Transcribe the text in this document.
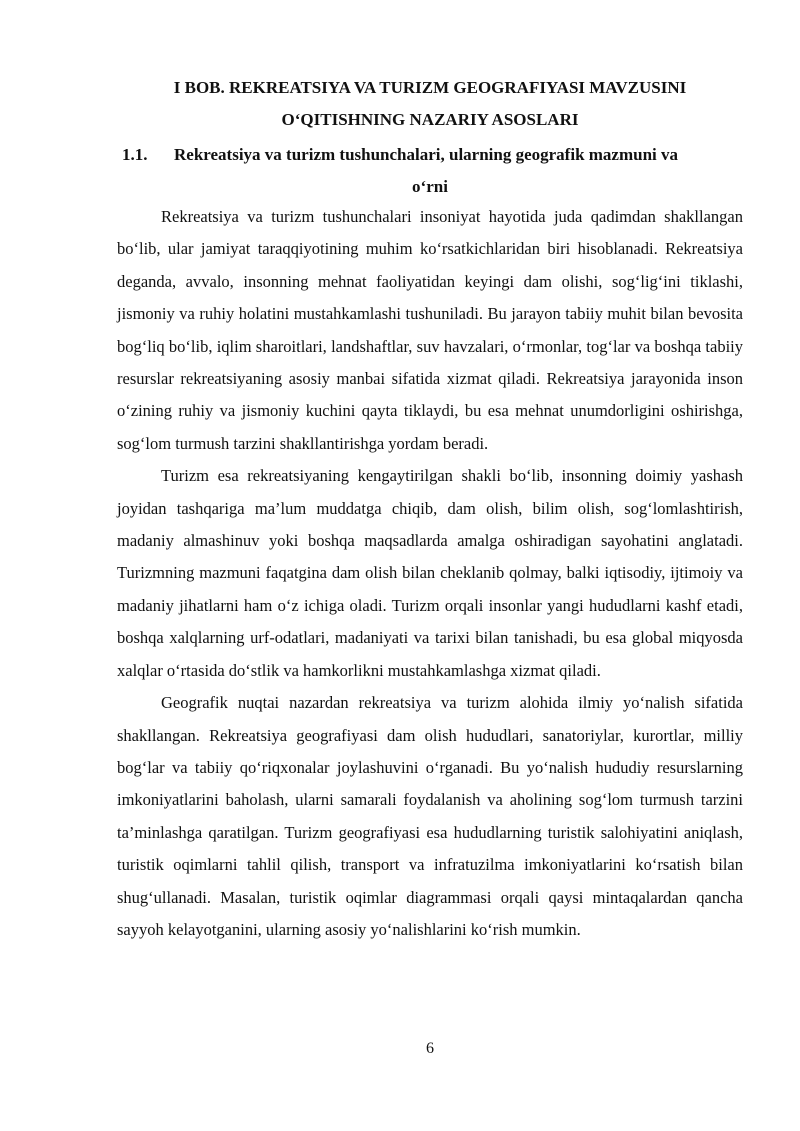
I BOB. REKREATSIYA VA TURIZM GEOGRAFIYASI MAVZUSINI
O‘QITISHNING NAZARIY ASOSLARI
1.1. Rekreatsiya va turizm tushunchalari, ularning geografik mazmuni va
o‘rni

Rekreatsiya va turizm tushunchalari insoniyat hayotida juda qadimdan shakllangan bo‘lib, ular jamiyat taraqqiyotining muhim ko‘rsatkichlaridan biri hisoblanadi. Rekreatsiya deganda, avvalo, insonning mehnat faoliyatidan keyingi dam olishi, sog‘lig‘ini tiklashi, jismoniy va ruhiy holatini mustahkamlashi tushuniladi. Bu jarayon tabiiy muhit bilan bevosita bog‘liq bo‘lib, iqlim sharoitlari, landshaftlar, suv havzalari, o‘rmonlar, tog‘lar va boshqa tabiiy resurslar rekreatsiyaning asosiy manbai sifatida xizmat qiladi. Rekreatsiya jarayonida inson o‘zining ruhiy va jismoniy kuchini qayta tiklaydi, bu esa mehnat unumdorligini oshirishga, sog‘lom turmush tarzini shakllantirishga yordam beradi.

Turizm esa rekreatsiyaning kengaytirilgan shakli bo‘lib, insonning doimiy yashash joyidan tashqariga ma’lum muddatga chiqib, dam olish, bilim olish, sog‘lomlashtirish, madaniy almashinuv yoki boshqa maqsadlarda amalga oshiradigan sayohatini anglatadi. Turizmning mazmuni faqatgina dam olish bilan cheklanib qolmay, balki iqtisodiy, ijtimoiy va madaniy jihatlarni ham o‘z ichiga oladi. Turizm orqali insonlar yangi hududlarni kashf etadi, boshqa xalqlarning urf-odatlari, madaniyati va tarixi bilan tanishadi, bu esa global miqyosda xalqlar o‘rtasida do‘stlik va hamkorlikni mustahkamlashga xizmat qiladi.

Geografik nuqtai nazardan rekreatsiya va turizm alohida ilmiy yo‘nalish sifatida shakllangan. Rekreatsiya geografiyasi dam olish hududlari, sanatoriylar, kurortlar, milliy bog‘lar va tabiiy qo‘riqxonalar joylashuvini o‘rganadi. Bu yo‘nalish hududiy resurslarning imkoniyatlarini baholash, ularni samarali foydalanish va aholining sog‘lom turmush tarzini ta’minlashga qaratilgan. Turizm geografiyasi esa hududlarning turistik salohiyatini aniqlash, turistik oqimlarni tahlil qilish, transport va infratuzilma imkoniyatlarini ko‘rsatish bilan shug‘ullanadi. Masalan, turistik oqimlar diagrammasi orqali qaysi mintaqalardan qancha sayyoh kelayotganini, ularning asosiy yo‘nalishlarini ko‘rish mumkin.

6
